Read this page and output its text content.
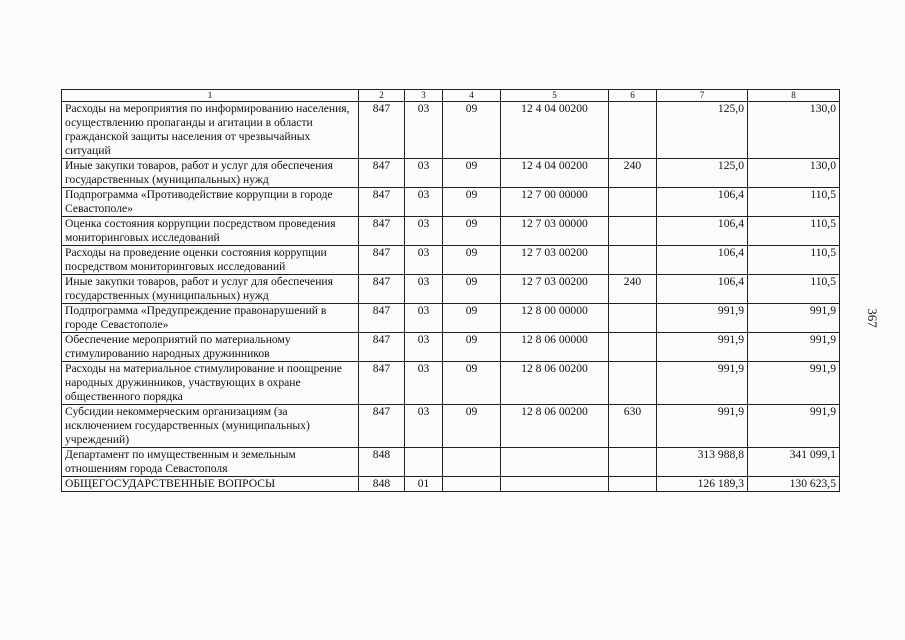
1	2	3	4	5	6	7	8
Расходы на мероприятия по информированию населения, осуществлению пропаганды и агитации в области гражданской защиты населения от чрезвычайных ситуаций	847	03	09	12 4 04 00200		125,0	130,0
Иные закупки товаров, работ и услуг для обеспечения государственных (муниципальных) нужд	847	03	09	12 4 04 00200	240	125,0	130,0
Подпрограмма «Противодействие коррупции в городе Севастополе»	847	03	09	12 7 00 00000		106,4	110,5
Оценка состояния коррупции посредством проведения мониторинговых исследований	847	03	09	12 7 03 00000		106,4	110,5
Расходы на проведение оценки состояния коррупции посредством мониторинговых исследований	847	03	09	12 7 03 00200		106,4	110,5
Иные закупки товаров, работ и услуг для обеспечения государственных (муниципальных) нужд	847	03	09	12 7 03 00200	240	106,4	110,5
Подпрограмма «Предупреждение правонарушений в городе Севастополе»	847	03	09	12 8 00 00000		991,9	991,9
Обеспечение мероприятий по материальному стимулированию народных дружинников	847	03	09	12 8 06 00000		991,9	991,9
Расходы на материальное стимулирование и поощрение народных дружинников, участвующих в охране общественного порядка	847	03	09	12 8 06 00200		991,9	991,9
Субсидии некоммерческим организациям (за исключением государственных (муниципальных) учреждений)	847	03	09	12 8 06 00200	630	991,9	991,9
Департамент по имущественным и земельным отношениям города Севастополя	848					313 988,8	341 099,1
ОБЩЕГОСУДАРСТВЕННЫЕ ВОПРОСЫ	848	01				126 189,3	130 623,5
367
